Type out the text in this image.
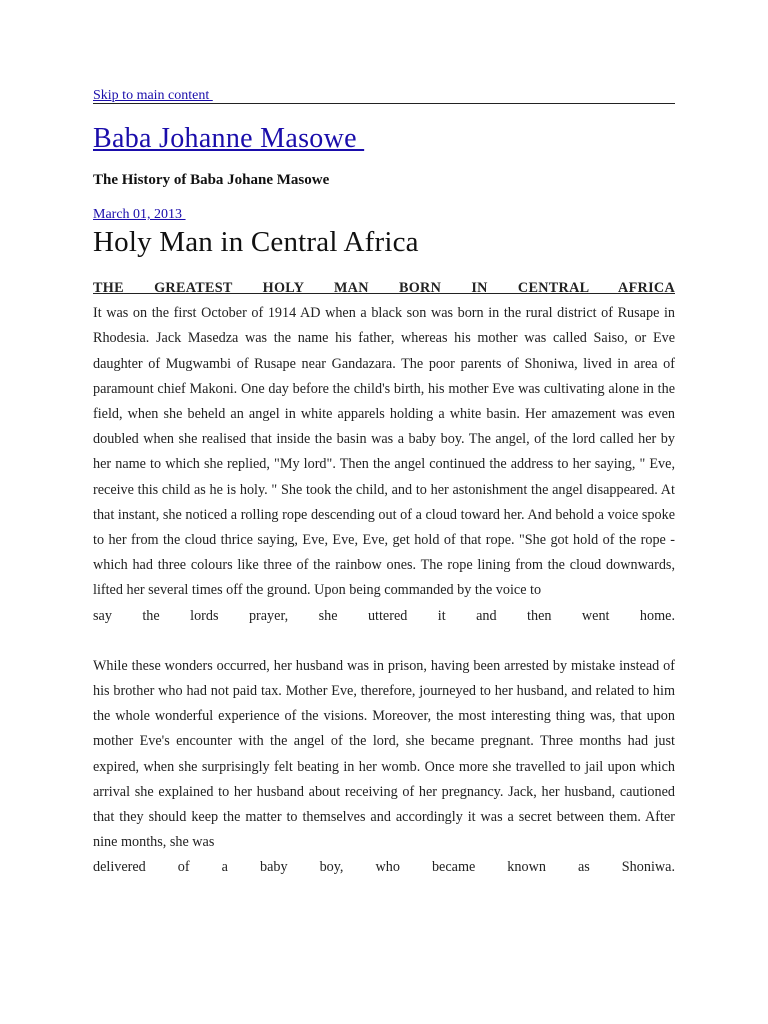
Skip to main content
Baba Johanne Masowe
The History of Baba Johane Masowe
March 01, 2013
Holy Man in Central Africa

THE GREATEST HOLY MAN BORN IN CENTRAL AFRICA
It was on the first October of 1914 AD when a black son was born in the rural district of Rusape in Rhodesia. Jack Masedza was the name his father, whereas his mother was called Saiso, or Eve daughter of Mugwambi of Rusape near Gandazara. The poor parents of Shoniwa, lived in area of paramount chief Makoni. One day before the child's birth, his mother Eve was cultivating alone in the field, when she beheld an angel in white apparels holding a white basin. Her amazement was even doubled when she realised that inside the basin was a baby boy. The angel, of the lord called her by her name to which she replied, "My lord". Then the angel continued the address to her saying, " Eve, receive this child as he is holy. " She took the child, and to her astonishment the angel disappeared. At that instant, she noticed a rolling rope descending out of a cloud toward her. And behold a voice spoke to her from the cloud thrice saying, Eve, Eve, Eve, get hold of that rope. "She got hold of the rope - which had three colours like three of the rainbow ones. The rope lining from the cloud downwards, lifted her several times off the ground. Upon being commanded by the voice to
say the lords prayer, she uttered it and then went home.

While these wonders occurred, her husband was in prison, having been arrested by mistake instead of his brother who had not paid tax. Mother Eve, therefore, journeyed to her husband, and related to him the whole wonderful experience of the visions. Moreover, the most interesting thing was, that upon mother Eve's encounter with the angel of the lord, she became pregnant. Three months had just expired, when she surprisingly felt beating in her womb. Once more she travelled to jail upon which arrival she explained to her husband about receiving of her pregnancy. Jack, her husband, cautioned that they should keep the matter to themselves and accordingly it was a secret between them. After nine months, she was
delivered of a baby boy, who became known as Shoniwa.
